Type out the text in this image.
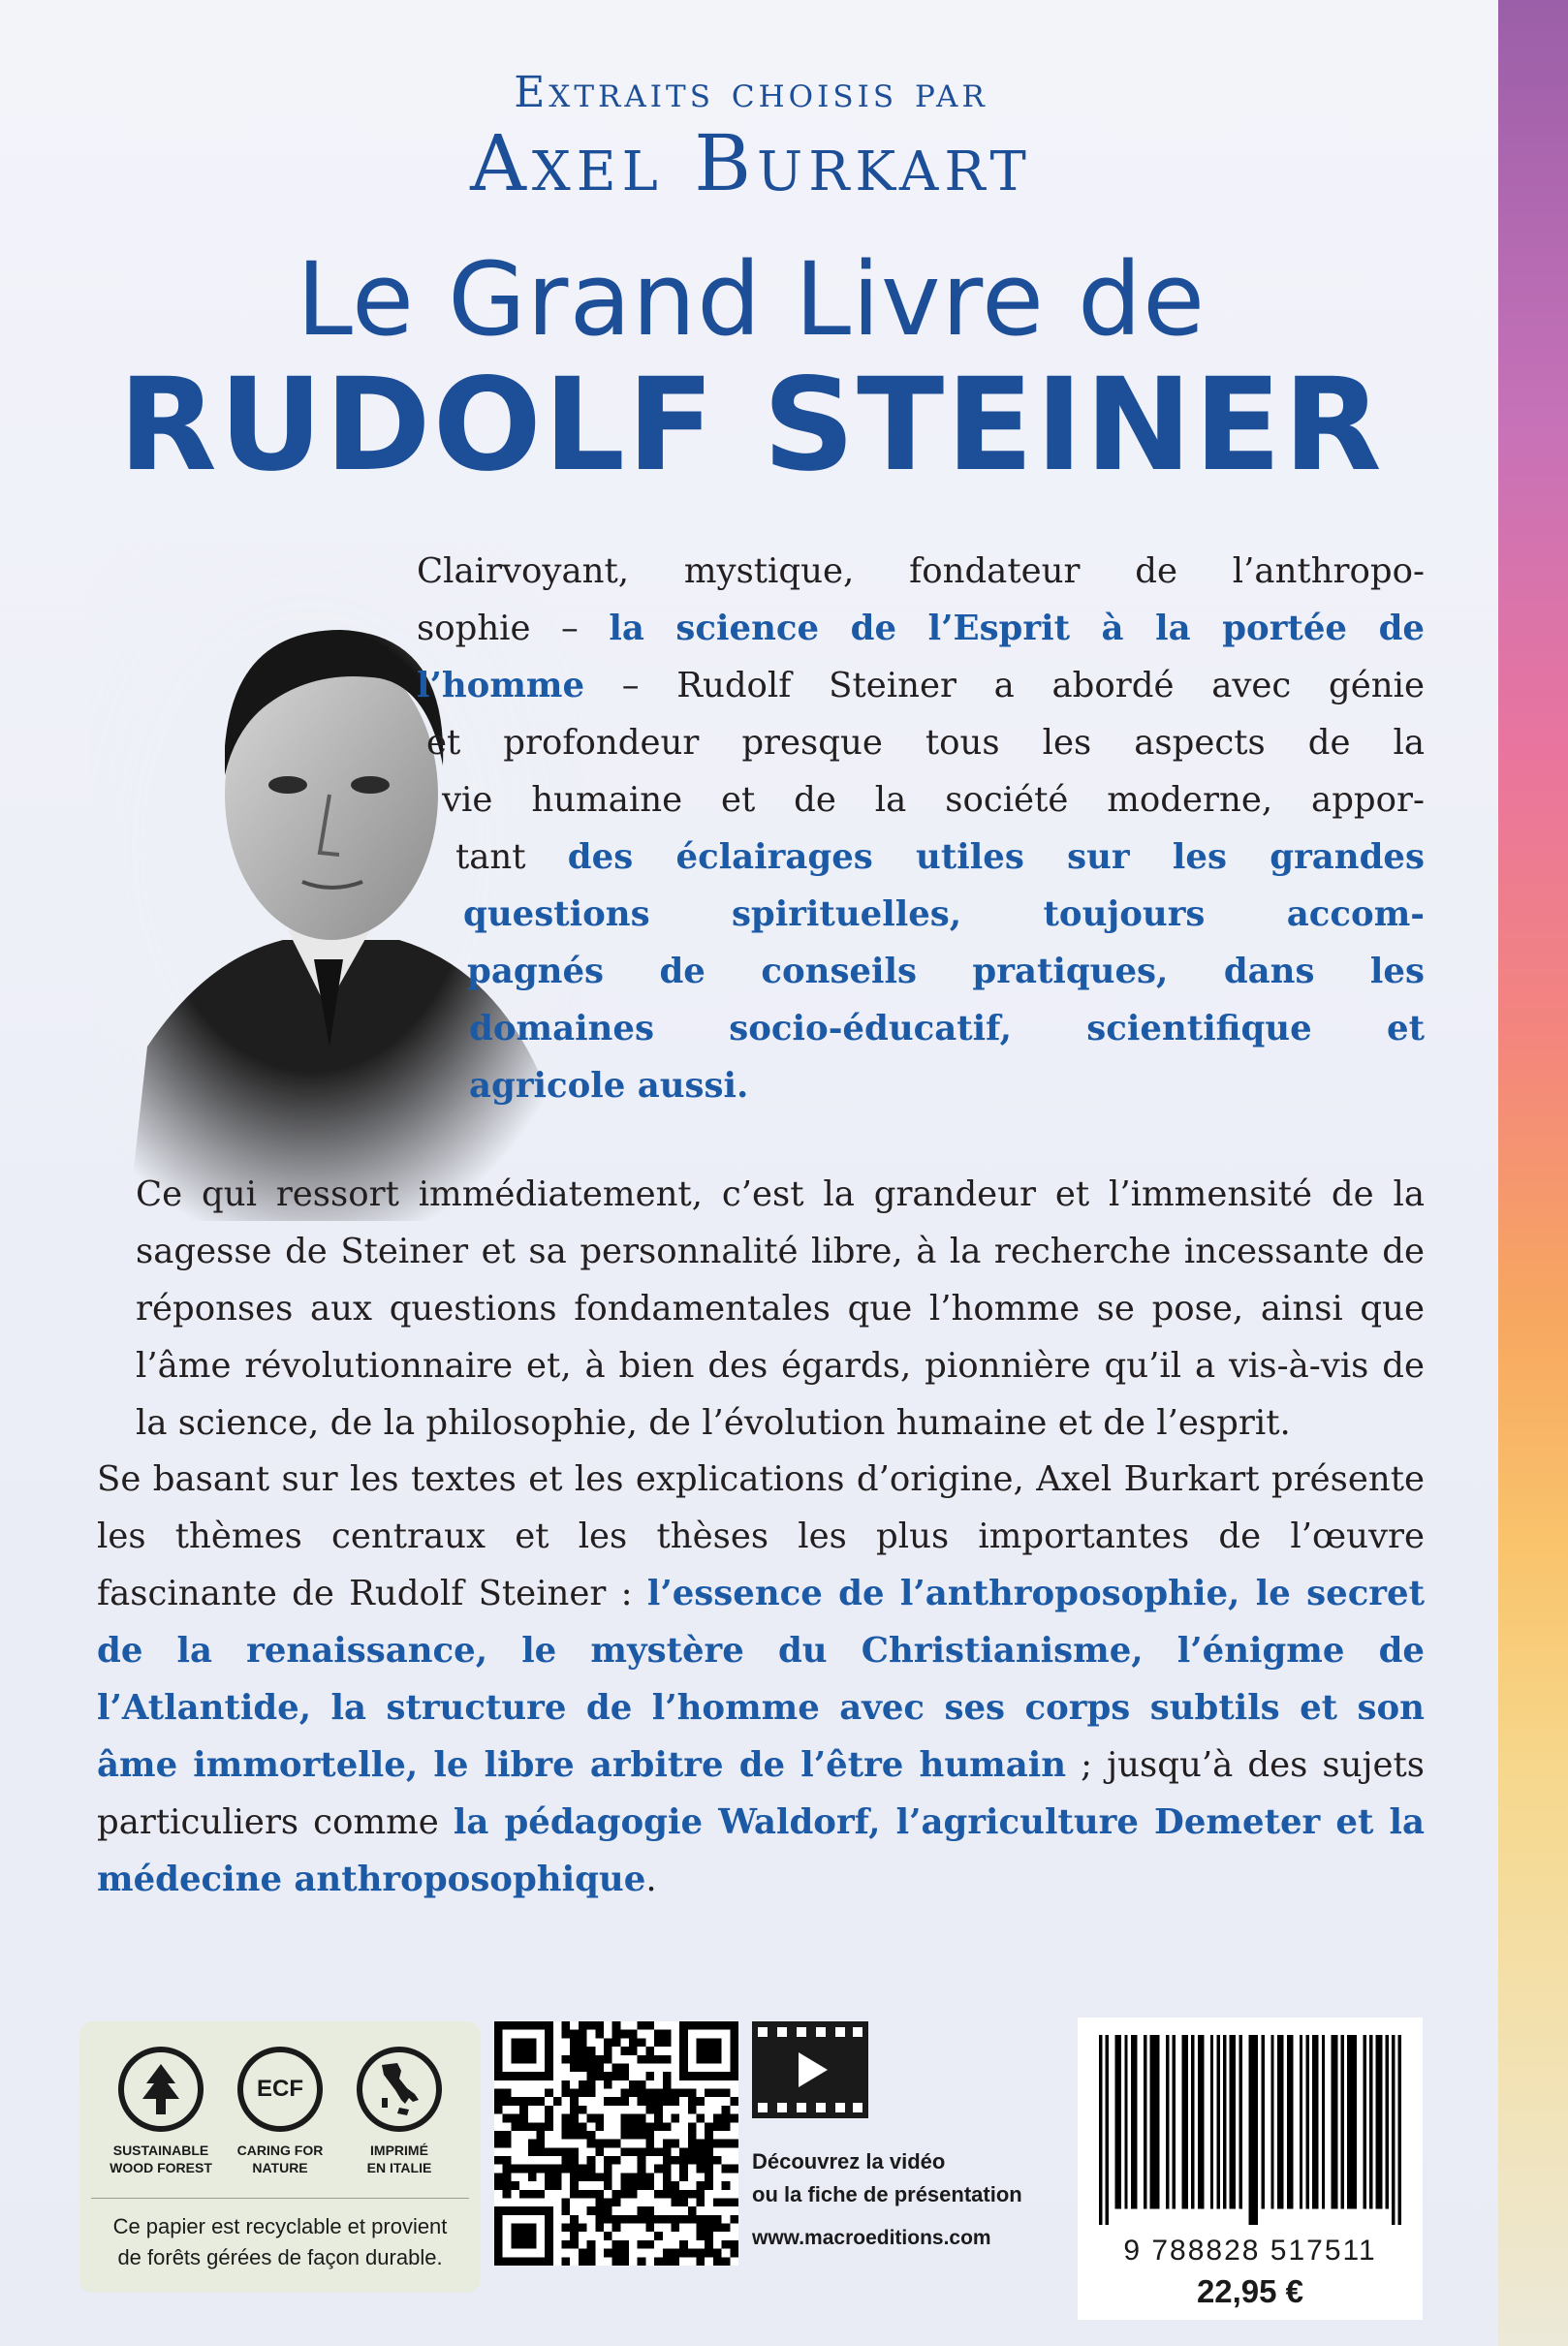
Extraits choisis par
Axel Burkart
Le Grand Livre de
RUDOLF STEINER
Clairvoyant, mystique, fondateur de l’anthropo-
sophie – la science de l’Esprit à la portée de
l’homme – Rudolf Steiner a abordé avec génie
et profondeur presque tous les aspects de la
vie humaine et de la société moderne, appor-
tant des éclairages utiles sur les grandes
questions spirituelles, toujours accom-
pagnés de conseils pratiques, dans les
domaines socio-éducatif, scientifique et
agricole aussi.

Ce qui ressort immédiatement, c’est la grandeur et l’immensité de la sagesse de Steiner et sa personnalité libre, à la recherche incessante de réponses aux questions fondamentales que l’homme se pose, ainsi que l’âme révolutionnaire et, à bien des égards, pionnière qu’il a vis-à-vis de la science, de la philosophie, de l’évolution humaine et de l’esprit.

Se basant sur les textes et les explications d’origine, Axel Burkart présente les thèmes centraux et les thèses les plus importantes de l’œuvre fascinante de Rudolf Steiner : l’essence de l’anthroposophie, le secret de la renaissance, le mystère du Christianisme, l’énigme de l’Atlantide, la structure de l’homme avec ses corps subtils et son âme immortelle, le libre arbitre de l’être humain ; jusqu’à des sujets particuliers comme la pédagogie Waldorf, l’agriculture Demeter et la médecine anthroposophique.

SUSTAINABLE
WOOD FOREST
ECF
CARING FOR
NATURE
IMPRIMÉ
EN ITALIE
Ce papier est recyclable et provient
de forêts gérées de façon durable.
Découvrez la vidéo
ou la fiche de présentation
www.macroeditions.com	9 788828 517511
22,95 €
